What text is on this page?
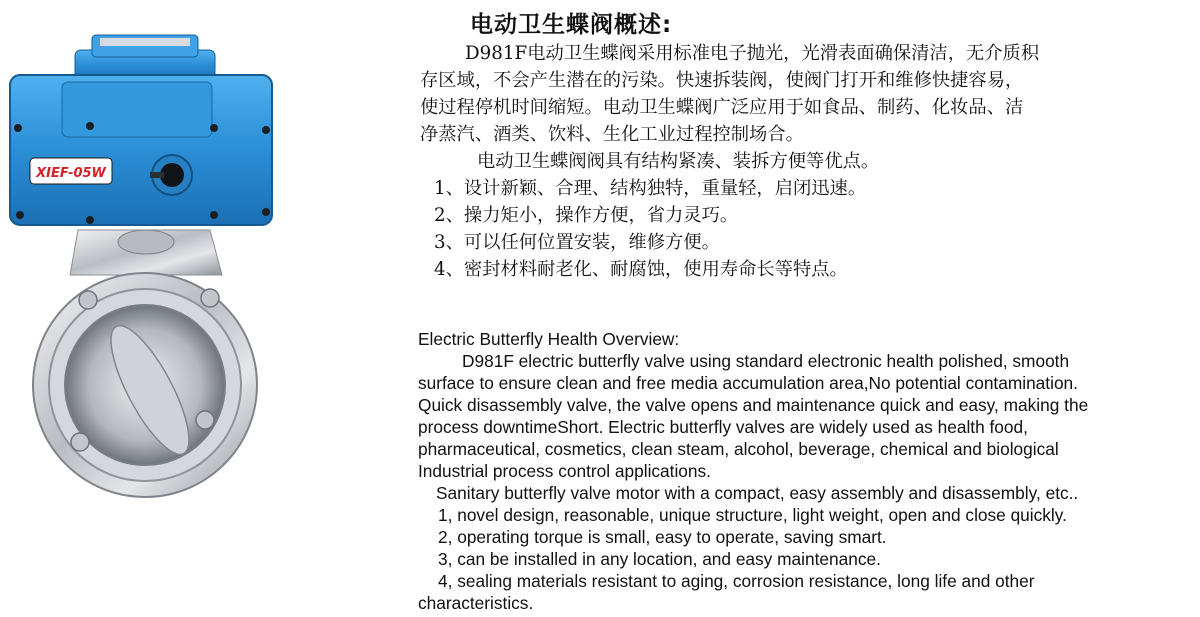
XIEF-05W
电动卫生蝶阀概述:
D981F电动卫生蝶阀采用标准电子抛光，光滑表面确保清洁，无介质积
存区域，不会产生潜在的污染。快速拆装阀，使阀门打开和维修快捷容易，
使过程停机时间缩短。电动卫生蝶阀广泛应用于如食品、制药、化妆品、洁
净蒸汽、酒类、饮料、生化工业过程控制场合。
电动卫生蝶阀阀具有结构紧凑、装拆方便等优点。
1、设计新颖、合理、结构独特，重量轻，启闭迅速。
2、操力矩小，操作方便，省力灵巧。
3、可以任何位置安装，维修方便。
4、密封材料耐老化、耐腐蚀，使用寿命长等特点。
Electric Butterfly Health Overview:
D981F electric butterfly valve using standard electronic health polished, smooth
surface to ensure clean and free media accumulation area,No potential contamination.
Quick disassembly valve, the valve opens and maintenance quick and easy, making the
process downtimeShort. Electric butterfly valves are widely used as health food,
pharmaceutical, cosmetics, clean steam, alcohol, beverage, chemical and biological
Industrial process control applications.
Sanitary butterfly valve motor with a compact, easy assembly and disassembly, etc..
1, novel design, reasonable, unique structure, light weight, open and close quickly.
2, operating torque is small, easy to operate, saving smart.
3, can be installed in any location, and easy maintenance.
4, sealing materials resistant to aging, corrosion resistance, long life and other
characteristics.
